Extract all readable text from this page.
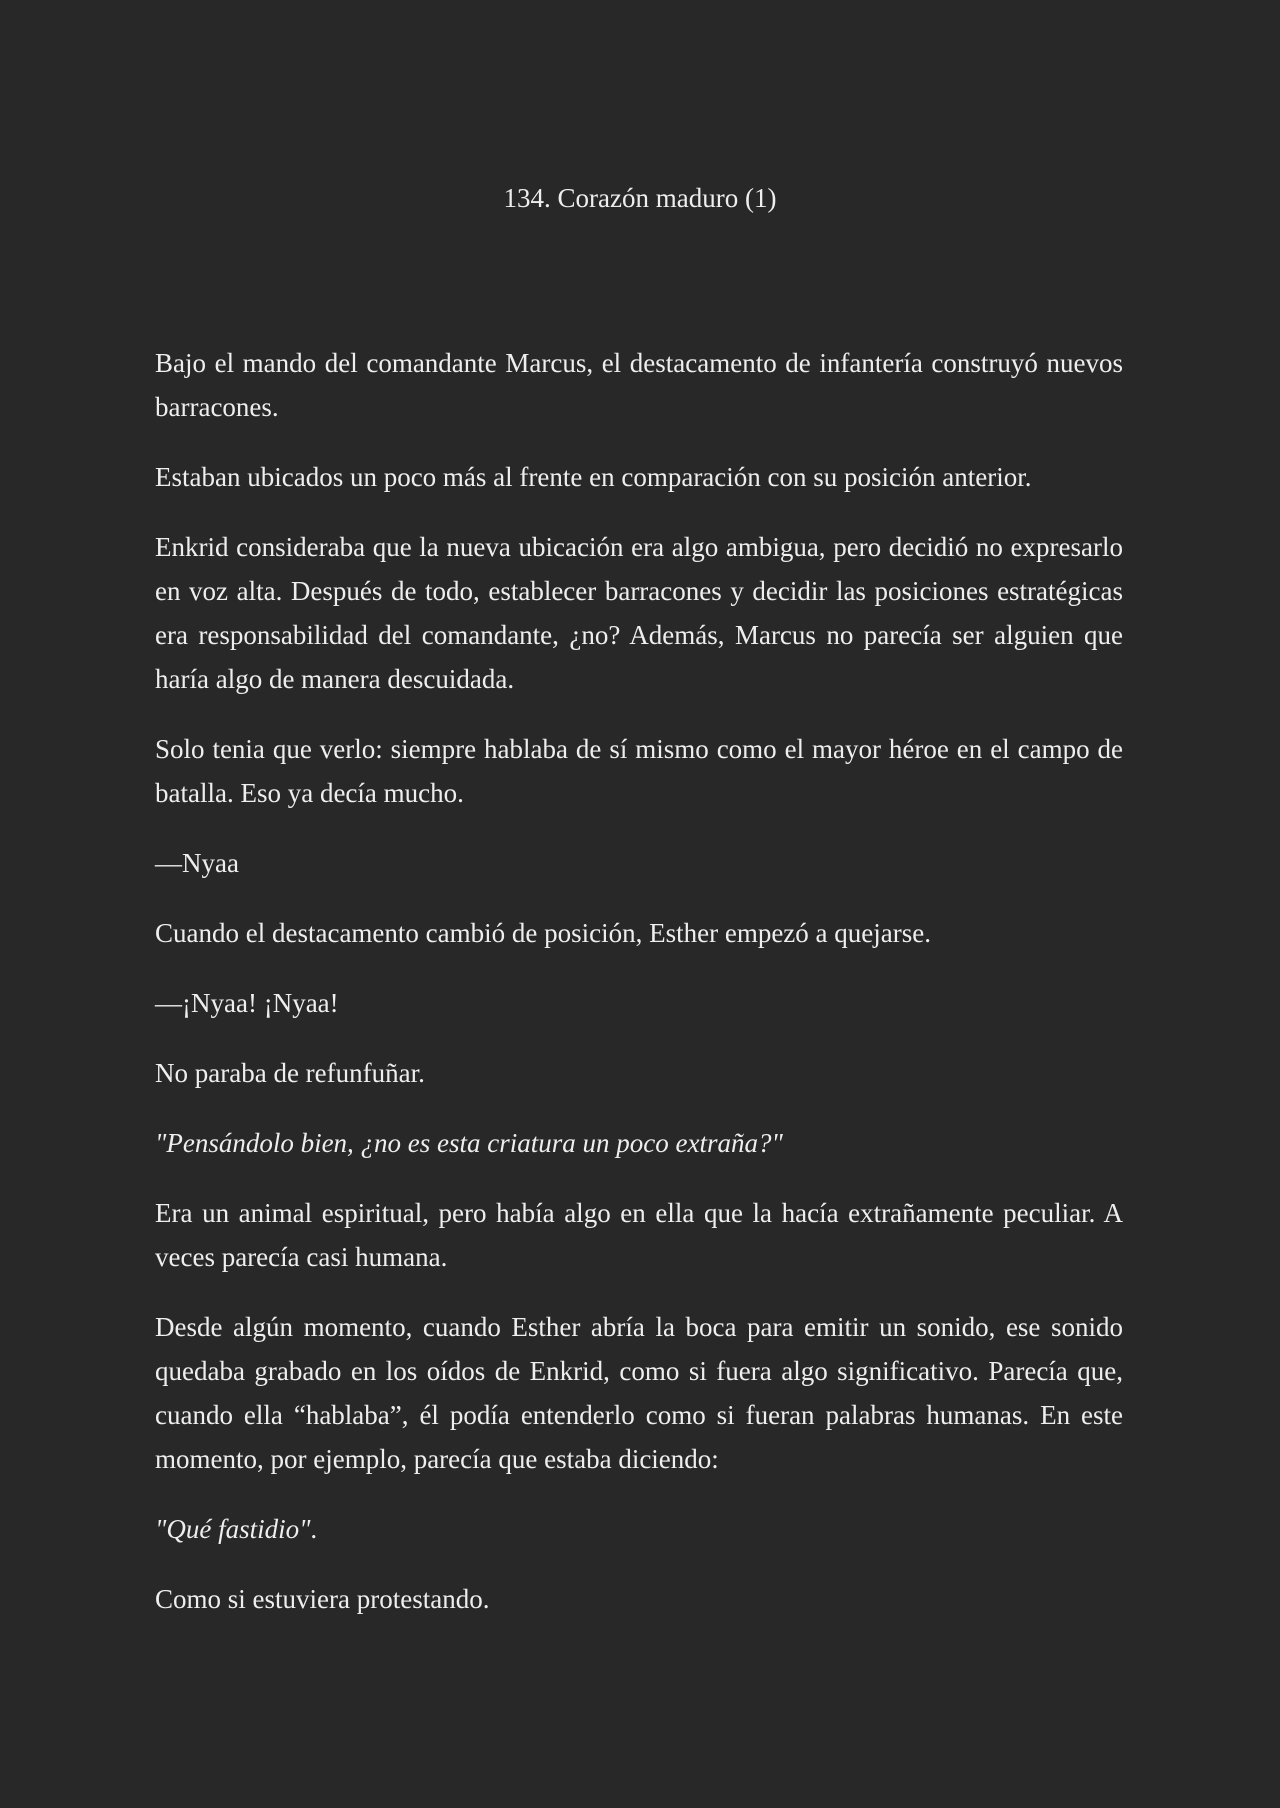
134. Corazón maduro (1)

Bajo el mando del comandante Marcus, el destacamento de infantería construyó nuevos barracones.

Estaban ubicados un poco más al frente en comparación con su posición anterior.

Enkrid consideraba que la nueva ubicación era algo ambigua, pero decidió no expresarlo en voz alta. Después de todo, establecer barracones y decidir las posiciones estratégicas era responsabilidad del comandante, ¿no? Además, Marcus no parecía ser alguien que haría algo de manera descuidada.

Solo tenia que verlo: siempre hablaba de sí mismo como el mayor héroe en el campo de batalla. Eso ya decía mucho.

—Nyaa

Cuando el destacamento cambió de posición, Esther empezó a quejarse.

—¡Nyaa! ¡Nyaa!

No paraba de refunfuñar.

"Pensándolo bien, ¿no es esta criatura un poco extraña?"

Era un animal espiritual, pero había algo en ella que la hacía extrañamente peculiar. A veces parecía casi humana.

Desde algún momento, cuando Esther abría la boca para emitir un sonido, ese sonido quedaba grabado en los oídos de Enkrid, como si fuera algo significativo. Parecía que, cuando ella “hablaba”, él podía entenderlo como si fueran palabras humanas. En este momento, por ejemplo, parecía que estaba diciendo:

"Qué fastidio".

Como si estuviera protestando.
